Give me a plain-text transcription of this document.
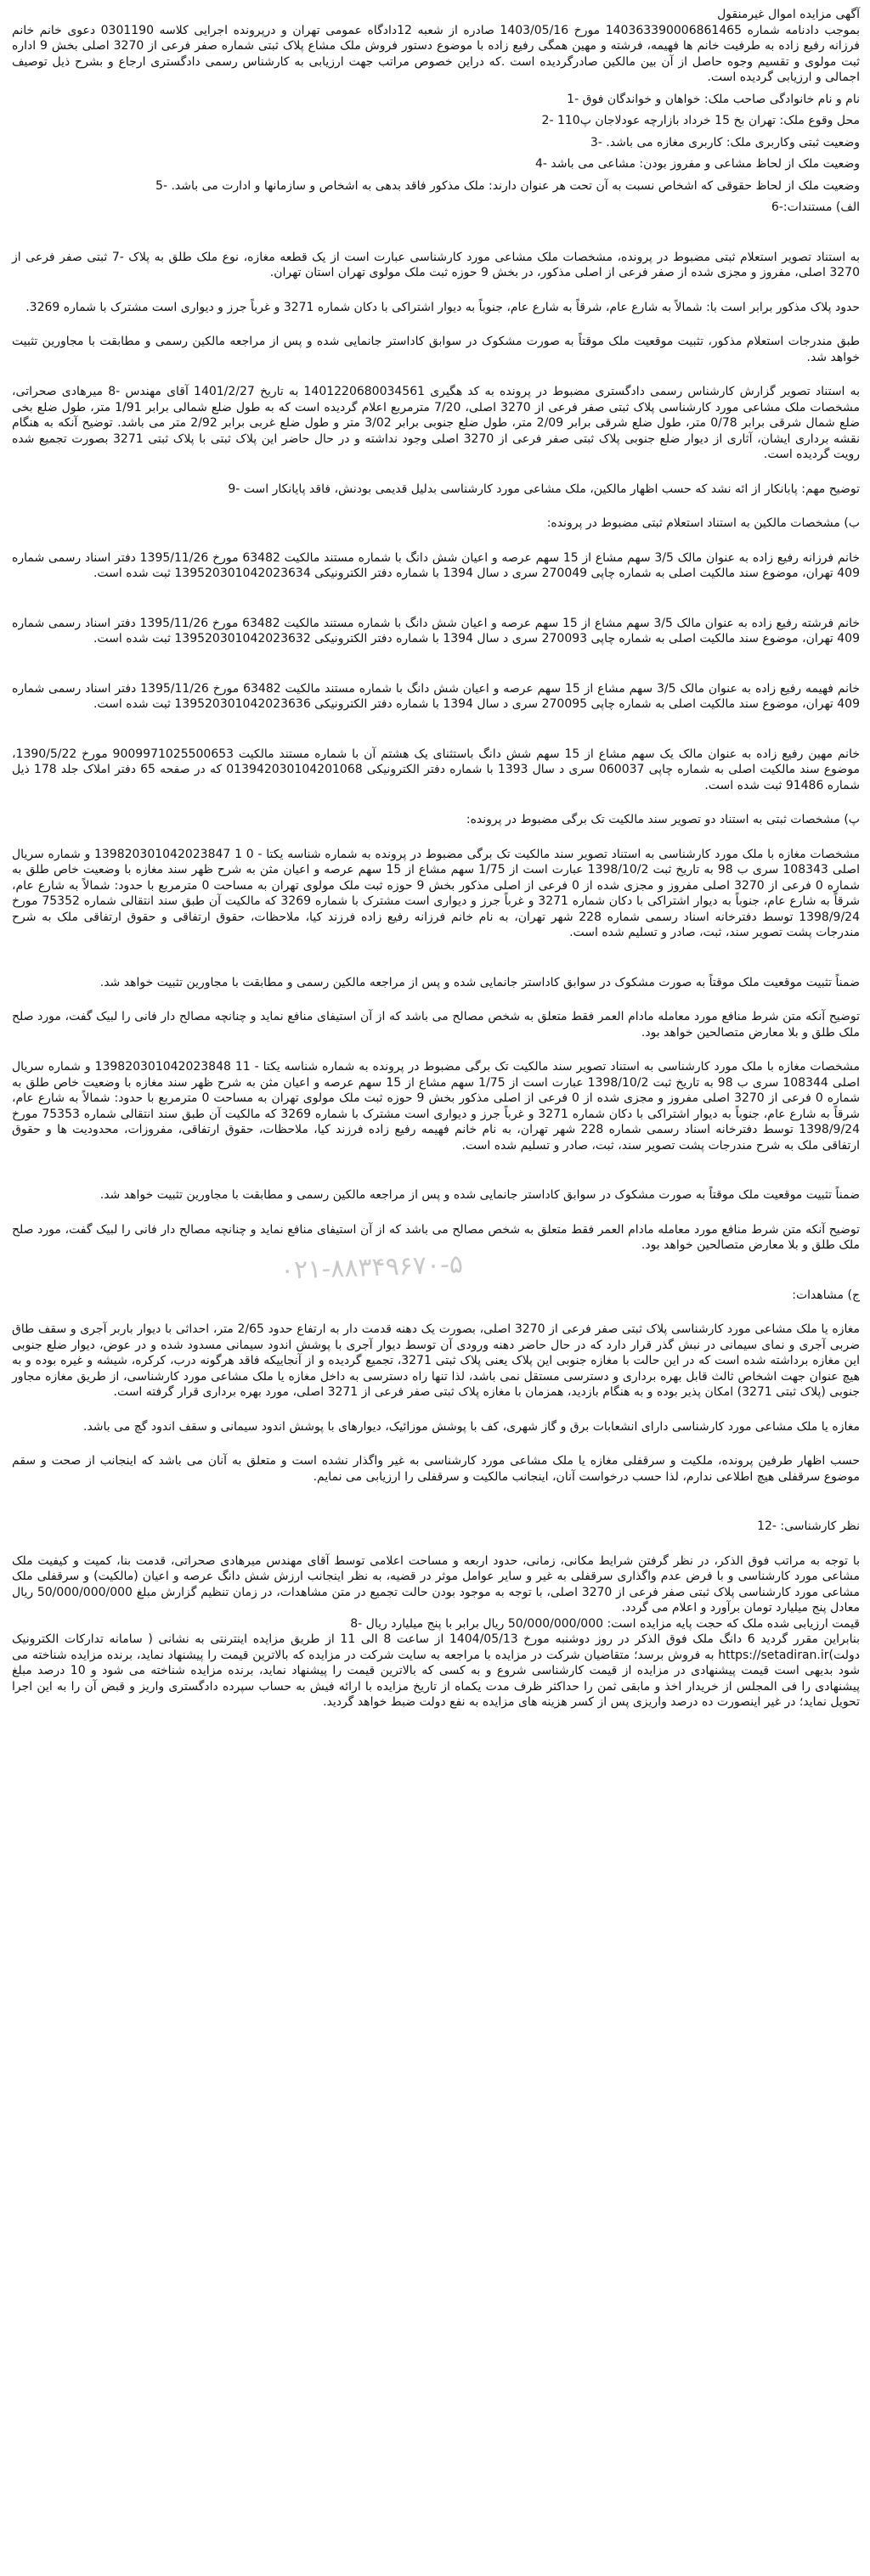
آگهی مزایده اموال غیرمنقول

بموجب دادنامه شماره 140363390006861465 مورخ 1403/05/16 صادره از شعبه 12دادگاه عمومی تهران و درپرونده اجرایی کلاسه 0301190 دعوی خانم خانم فرزانه رفیع زاده به طرفیت خانم ها فهیمه، فرشته و مهین همگی رفیع زاده با موضوع دستور فروش ملک مشاع پلاک ثبتی شماره صفر فرعی از 3270 اصلی بخش 9 اداره ثبت مولوی و تقسیم وجوه حاصل از آن بین مالکین صادرگردیده است .که دراین خصوص مراتب جهت ارزیابی به کارشناس رسمی دادگستری ارجاع و بشرح ذیل توصیف اجمالی و ارزیابی گردیده است.

نام و نام خانوادگی صاحب ملک: خواهان و خواندگان فوق -1

محل وقوع ملک: تهران بخ 15 خرداد بازارچه عودلاجان پ110 -2

وضعیت ثبتی وکاربری ملک: کاربری مغازه می باشد. -3

وضعیت ملک از لحاظ مشاعی و مفروز بودن: مشاعی می باشد -4

وضعیت ملک از لحاظ حقوقی که اشخاص نسبت به آن تحت هر عنوان دارند: ملک مذکور فاقد بدهی به اشخاص و سازمانها و ادارت می باشد. -5

الف) مستندات:-6

به استناد تصویر استعلام ثبتی مضبوط در پرونده، مشخصات ملک مشاعی مورد کارشناسی عبارت است از یک قطعه مغازه، نوع ملک طلق به پلاک -7 ثبتی صفر فرعی از 3270 اصلی، مفروز و مجزی شده از صفر فرعی از اصلی مذکور، در بخش 9 حوزه ثبت ملک مولوی تهران استان تهران.

حدود پلاک مذکور برابر است با: شمالاً به شارع عام، شرقاً به شارع عام، جنوباً به دیوار اشتراکی با دکان شماره 3271 و غرباً جرز و دیواری است مشترک با شماره 3269.

طبق مندرجات استعلام مذکور، تثبیت موقعیت ملک موقتاً به صورت مشکوک در سوابق کاداستر جانمایی شده و پس از مراجعه مالکین رسمی و مطابقت با مجاورین تثبیت خواهد شد.

به استناد تصویر گزارش کارشناس رسمی دادگستری مضبوط در پرونده به کد هگیری 1401220680034561 به تاریخ 1401/2/27 آقای مهندس -8 میرهادی صحراتی، مشخصات ملک مشاعی مورد کارشناسی پلاک ثبتی صفر فرعی از 3270 اصلی، 7/20 مترمربع اعلام گردیده است که به طول ضلع شمالی برابر 1/91 متر، طول ضلع بخی ضلع شمال شرقی برابر 0/78 متر، طول ضلع شرقی برابر 2/09 متر، طول ضلع جنوبی برابر 3/02 متر و طول ضلع غربی برابر 2/92 متر می باشد. توضیح آنکه به هنگام نقشه برداری ایشان، آثاری از دیوار ضلع جنوبی پلاک ثبتی صفر فرعی از 3270 اصلی وجود نداشته و در حال حاضر این پلاک ثبتی با پلاک ثبتی 3271 بصورت تجمیع شده رویت گردیده است.

توضیح مهم: پابانکار از ائه نشد که حسب اظهار مالکین، ملک مشاعی مورد کارشناسی بدلیل قدیمی بودنش، فاقد پایانکار است -9

ب) مشخصات مالکین به استناد استعلام ثبتی مضبوط در پرونده:

خانم فرزانه رفیع زاده به عنوان مالک 3/5 سهم مشاع از 15 سهم عرصه و اعیان شش دانگ با شماره مستند مالکیت 63482 مورخ 1395/11/26 دفتر اسناد رسمی شماره 409 تهران، موضوع سند مالکیت اصلی به شماره چاپی 270049 سری د سال 1394 با شماره دفتر الکترونیکی 139520301042023634 ثبت شده است.

خانم فرشته رفیع زاده به عنوان مالک 3/5 سهم مشاع از 15 سهم عرصه و اعیان شش دانگ با شماره مستند مالکیت 63482 مورخ 1395/11/26 دفتر اسناد رسمی شماره 409 تهران، موضوع سند مالکیت اصلی به شماره چاپی 270093 سری د سال 1394 با شماره دفتر الکترونیکی 139520301042023632 ثبت شده است.

خانم فهیمه رفیع زاده به عنوان مالک 3/5 سهم مشاع از 15 سهم عرصه و اعیان شش دانگ با شماره مستند مالکیت 63482 مورخ 1395/11/26 دفتر اسناد رسمی شماره 409 تهران، موضوع سند مالکیت اصلی به شماره چاپی 270095 سری د سال 1394 با شماره دفتر الکترونیکی 139520301042023636 ثبت شده است.

خانم مهین رفیع زاده به عنوان مالک یک سهم مشاع از 15 سهم شش دانگ باستثنای یک هشتم آن با شماره مستند مالکیت 9009971025500653 مورخ 1390/5/22، موضوع سند مالکیت اصلی به شماره چاپی 060037 سری د سال 1393 با شماره دفتر الکترونیکی 013942030104201068 که در صفحه 65 دفتر املاک جلد 178 ذیل شماره 91486 ثبت شده است.

پ) مشخصات ثبتی به استناد دو تصویر سند مالکیت تک برگی مضبوط در پرونده:

مشخصات مغازه با ملک مورد کارشناسی به استناد تصویر سند مالکیت تک برگی مضبوط در پرونده به شماره شناسه یکتا - 0 1 139820301042023847 و شماره سریال اصلی 108343 سری ب 98 به تاریخ ثبت 1398/10/2 عبارت است از 1/75 سهم مشاع از 15 سهم عرصه و اعیان مثن به شرح ظهر سند مغازه با وضعیت خاص طلق به شماره 0 فرعی از 3270 اصلی مفروز و مجزی شده از 0 فرعی از اصلی مذکور بخش 9 حوزه ثبت ملک مولوی تهران به مساحت 0 مترمربع با حدود: شمالاً به شارع عام، شرقاً به شارع عام، جنوباً به دیوار اشتراکی با دکان شماره 3271 و غرباً جرز و دیواری است مشترک با شماره 3269 که مالکیت آن طبق سند انتقالی شماره 75352 مورخ 1398/9/24 توسط دفترخانه اسناد رسمی شماره 228 شهر تهران، به نام خانم فرزانه رفیع زاده فرزند کیا، ملاحظات، حقوق ارتفاقی و حقوق ارتفاقی ملک به شرح مندرجات پشت تصویر سند، ثبت، صادر و تسلیم شده است.

ضمناً تثبیت موقعیت ملک موقتاً به صورت مشکوک در سوابق کاداستر جانمایی شده و پس از مراجعه مالکین رسمی و مطابقت با مجاورین تثبیت خواهد شد.

توضیح آنکه متن شرط منافع مورد معامله مادام العمر فقط متعلق به شخص مصالح می باشد که از آن استیفای منافع نماید و چنانچه مصالح دار فانی را لبیک گفت، مورد صلح ملک طلق و بلا معارض متصالحین خواهد بود.

مشخصات مغازه با ملک مورد کارشناسی به استناد تصویر سند مالکیت تک برگی مضبوط در پرونده به شماره شناسه یکتا - 11 139820301042023848 و شماره سریال اصلی 108344 سری ب 98 به تاریخ ثبت 1398/10/2 عبارت است از 1/75 سهم مشاع از 15 سهم عرصه و اعیان مثن به شرح ظهر سند مغازه با وضعیت خاص طلق به شماره 0 فرعی از 3270 اصلی مفروز و مجزی شده از 0 فرعی از اصلی مذکور بخش 9 حوزه ثبت ملک مولوی تهران به مساحت 0 مترمربع با حدود: شمالاً به شارع عام، شرقاً به شارع عام، جنوباً به دیوار اشتراکی با دکان شماره 3271 و غرباً جرز و دیواری است مشترک با شماره 3269 که مالکیت آن طبق سند انتقالی شماره 75353 مورخ 1398/9/24 توسط دفترخانه اسناد رسمی شماره 228 شهر تهران، به نام خانم فهیمه رفیع زاده فرزند کیا، ملاحظات، حقوق ارتفاقی، مفروزات، محدودیت ها و حقوق ارتفاقی ملک به شرح مندرجات پشت تصویر سند، ثبت، صادر و تسلیم شده است.

ضمناً تثبیت موقعیت ملک موقتاً به صورت مشکوک در سوابق کاداستر جانمایی شده و پس از مراجعه مالکین رسمی و مطابقت با مجاورین تثبیت خواهد شد.

توضیح آنکه متن شرط منافع مورد معامله مادام العمر فقط متعلق به شخص مصالح می باشد که از آن استیفای منافع نماید و چنانچه مصالح دار فانی را لبیک گفت، مورد صلح ملک طلق و بلا معارض متصالحین خواهد بود.

ج) مشاهدات:

مغازه یا ملک مشاعی مورد کارشناسی پلاک ثبتی صفر فرعی از 3270 اصلی، بصورت یک دهنه قدمت دار به ارتفاع حدود 2/65 متر، احداثی با دیوار باربر آجری و سقف طاق ضربی آجری و نمای سیمانی در نبش گذر قرار دارد که در حال حاضر دهنه ورودی آن توسط دیوار آجری با پوشش اندود سیمانی مسدود شده و در عوض، دیوار ضلع جنوبی این مغازه برداشته شده است که در این حالت با مغازه جنوبی این پلاک یعنی پلاک ثبتی 3271، تجمیع گردیده و از آنجاییکه فاقد هرگونه درب، کرکره، شیشه و غیره بوده و به هیچ عنوان جهت اشخاص ثالث قابل بهره برداری و دسترسی مستقل نمی باشد، لذا تنها راه دسترسی به داخل مغازه یا ملک مشاعی مورد کارشناسی، از طریق مغازه مجاور جنوبی (پلاک ثبتی 3271) امکان پذیر بوده و به هنگام بازدید، همزمان با مغازه پلاک ثبتی صفر فرعی از 3271 اصلی، مورد بهره برداری قرار گرفته است.

مغازه یا ملک مشاعی مورد کارشناسی دارای انشعابات برق و گاز شهری، کف با پوشش موزائیک، دیوارهای با پوشش اندود سیمانی و سقف اندود گچ می باشد.

حسب اظهار طرفین پرونده، ملکیت و سرقفلی مغازه یا ملک مشاعی مورد کارشناسی به غیر واگذار نشده است و متعلق به آنان می باشد که اینجانب از صحت و سقم موضوع سرقفلی هیچ اطلاعی ندارم، لذا حسب درخواست آنان، اینجانب مالکیت و سرقفلی را ارزیابی می نمایم.

نظر کارشناسی: -12

با توجه به مراتب فوق الذکر، در نظر گرفتن شرایط مکانی، زمانی، حدود اربعه و مساحت اعلامی توسط آقای مهندس میرهادی صحراتی، قدمت بنا، کمیت و کیفیت ملک مشاعی مورد کارشناسی و با فرض عدم واگذاری سرقفلی به غیر و سایر عوامل موثر در قضیه، به نظر اینجانب ارزش شش دانگ عرصه و اعیان (مالکیت) و سرقفلی ملک مشاعی مورد کارشناسی پلاک ثبتی صفر فرعی از 3270 اصلی، با توجه به موجود بودن حالت تجمیع در متن مشاهدات، در زمان تنظیم گزارش مبلغ 50/000/000/000 ریال معادل پنج میلیارد تومان برآورد و اعلام می گردد.

قیمت ارزیابی شده ملک که حجت پایه مزایده است: 50/000/000/000 ریال برابر با پنج میلیارد ریال -8

بنابراین مقرر گردید 6 دانگ ملک فوق الذکر در روز دوشنبه مورخ 1404/05/13 از ساعت 8 الی 11 از طریق مزایده اینترنتی به نشانی ( سامانه تدارکات الکترونیک دولت)https://setadiran.ir به فروش برسد؛ متقاضیان شرکت در مزایده با مراجعه به سایت شرکت در مزایده که بالاترین قیمت را پیشنهاد نماید، برنده مزایده شناخته می شود بدیهی است قیمت پیشنهادی در مزایده از قیمت کارشناسی شروع و به کسی که بالاترین قیمت را پیشنهاد نماید، برنده مزایده شناخته می شود و 10 درصد مبلغ پیشنهادی را فی المجلس از خریدار اخذ و مابقی ثمن را حداکثر ظرف مدت یکماه از تاریخ مزایده با ارائه فیش به حساب سپرده دادگستری واریز و قبض آن را به این اجرا تحویل نماید؛ در غیر اینصورت ده درصد واریزی پس از کسر هزینه های مزایده به نفع دولت ضبط خواهد گردید.

۰۲۱-۸۸۳۴۹۶۷۰-۵
